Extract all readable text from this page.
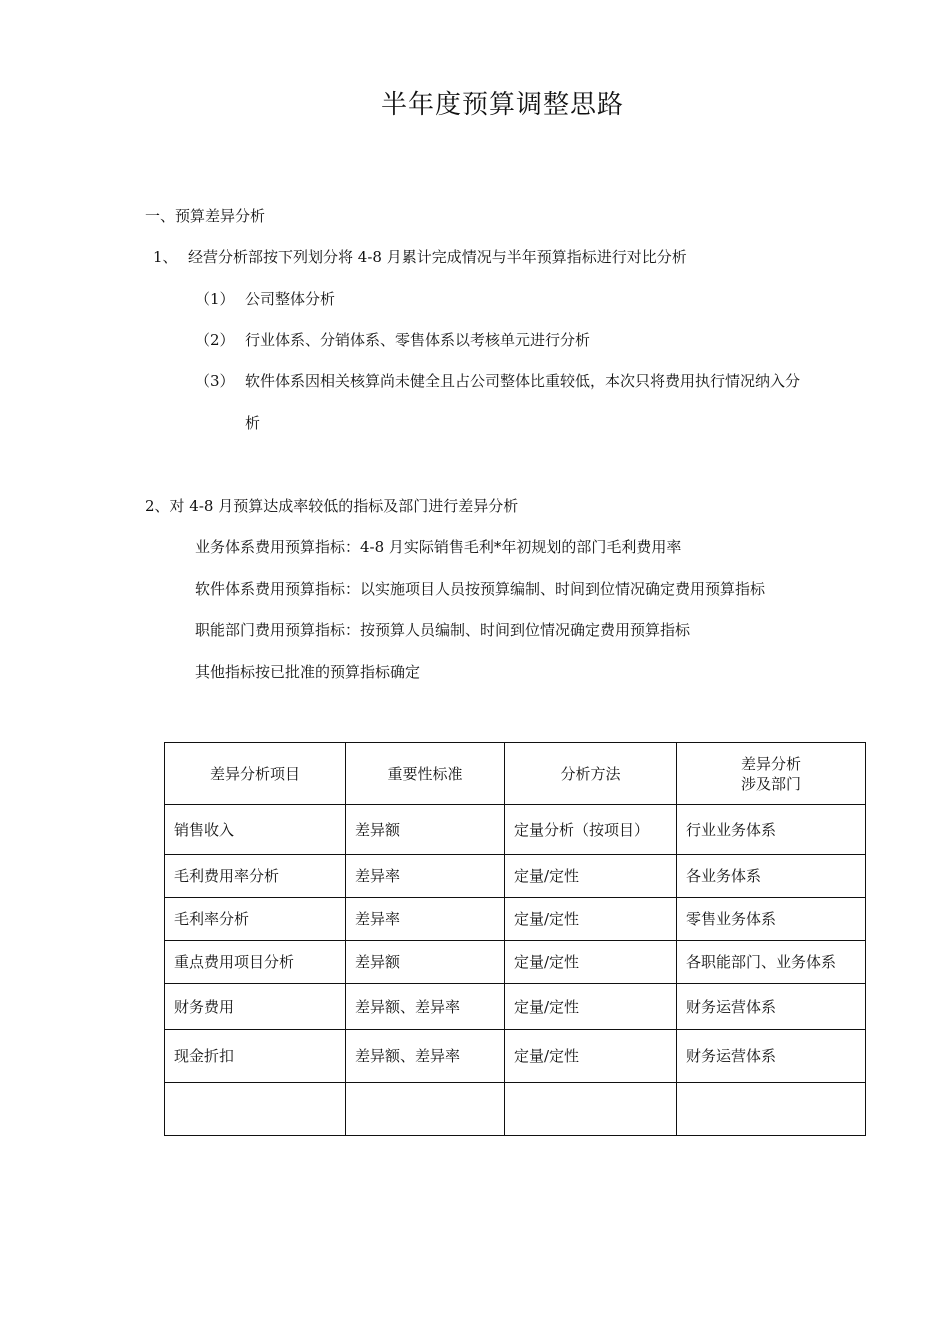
半年度预算调整思路
一、预算差异分析
1、 经营分析部按下列划分将 4-8 月累计完成情况与半年预算指标进行对比分析
（1） 公司整体分析
（2） 行业体系、分销体系、零售体系以考核单元进行分析
（3） 软件体系因相关核算尚未健全且占公司整体比重较低，本次只将费用执行情况纳入分
析
2、对 4-8 月预算达成率较低的指标及部门进行差异分析
业务体系费用预算指标：4-8 月实际销售毛利*年初规划的部门毛利费用率
软件体系费用预算指标：以实施项目人员按预算编制、时间到位情况确定费用预算指标
职能部门费用预算指标：按预算人员编制、时间到位情况确定费用预算指标
其他指标按已批准的预算指标确定
差异分析项目	重要性标准	分析方法	差异分析
涉及部门

销售收入	差异额	定量分析（按项目）	行业业务体系
毛利费用率分析	差异率	定量/定性	各业务体系
毛利率分析	差异率	定量/定性	零售业务体系
重点费用项目分析	差异额	定量/定性	各职能部门、业务体系
财务费用	差异额、差异率	定量/定性	财务运营体系
现金折扣	差异额、差异率	定量/定性	财务运营体系
